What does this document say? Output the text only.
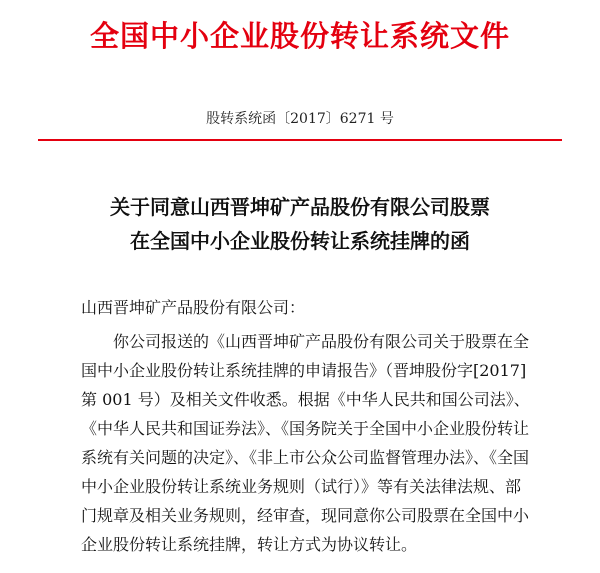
全国中小企业股份转让系统文件
股转系统函〔2017〕6271 号
关于同意山西晋坤矿产品股份有限公司股票
在全国中小企业股份转让系统挂牌的函
山西晋坤矿产品股份有限公司：
你公司报送的《山西晋坤矿产品股份有限公司关于股票在全
国中小企业股份转让系统挂牌的申请报告》（晋坤股份字[2017]
第 001 号）及相关文件收悉。根据《中华人民共和国公司法》、
《中华人民共和国证券法》、《国务院关于全国中小企业股份转让
系统有关问题的决定》、《非上市公众公司监督管理办法》、《全国
中小企业股份转让系统业务规则（试行）》等有关法律法规、部
门规章及相关业务规则，经审查，现同意你公司股票在全国中小
企业股份转让系统挂牌，转让方式为协议转让。
